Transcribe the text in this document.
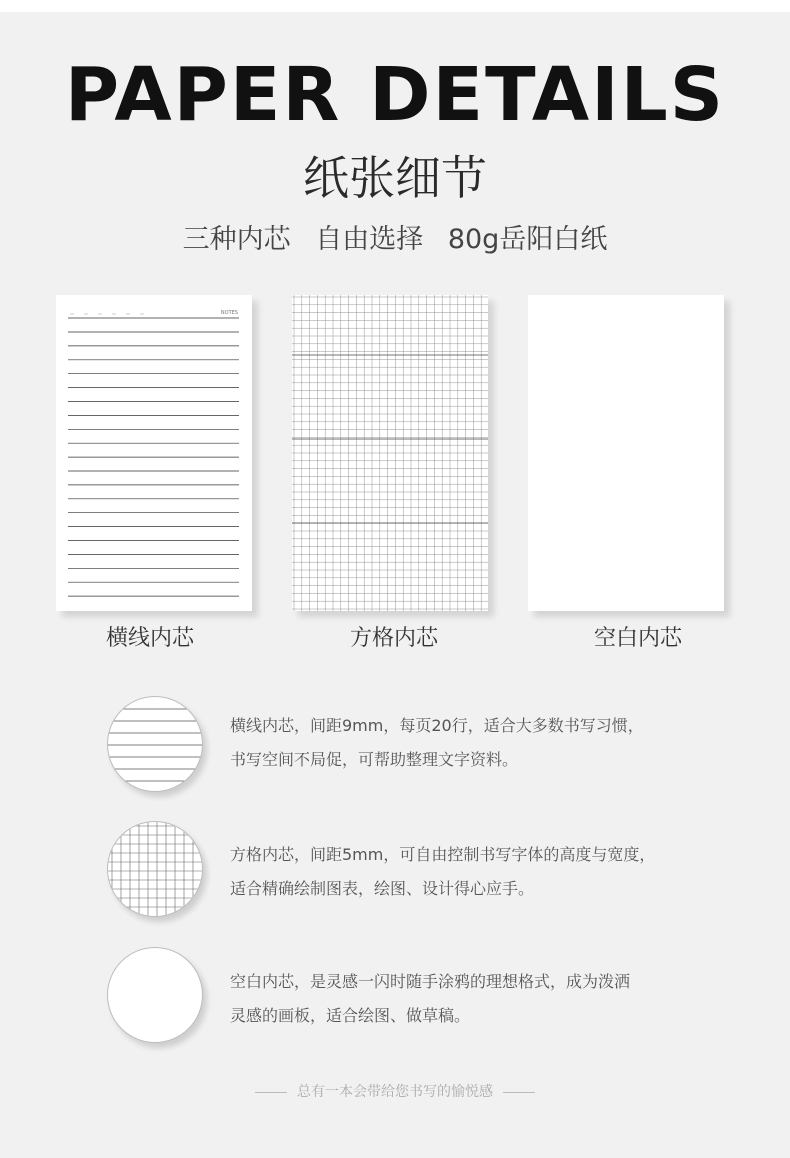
PAPER DETAILS
纸张细节
三种内芯 自由选择 80g岳阳白纸
NOTES
横线内芯	方格内芯	空白内芯
横线内芯，间距9mm，每页20行，适合大多数书写习惯，
书写空间不局促，可帮助整理文字资料。
方格内芯，间距5mm，可自由控制书写字体的高度与宽度，
适合精确绘制图表，绘图、设计得心应手。
空白内芯，是灵感一闪时随手涂鸦的理想格式，成为泼洒
灵感的画板，适合绘图、做草稿。
总有一本会带给您书写的愉悦感
